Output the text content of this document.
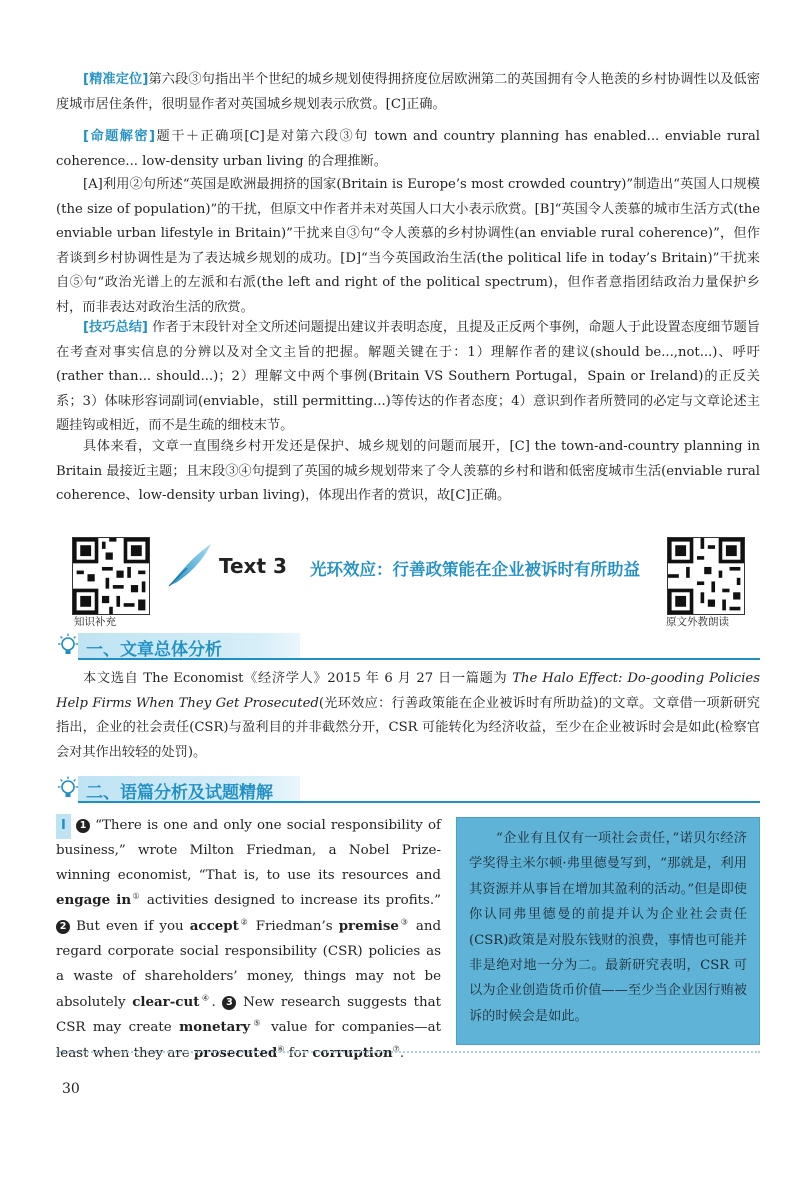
[精准定位]第六段③句指出半个世纪的城乡规划使得拥挤度位居欧洲第二的英国拥有令人艳羡的乡村协调性以及低密度城市居住条件，很明显作者对英国城乡规划表示欣赏。[C]正确。

[命题解密]题干＋正确项[C]是对第六段③句 town and country planning has enabled... enviable rural coherence... low-density urban living 的合理推断。

[A]利用②句所述“英国是欧洲最拥挤的国家(Britain is Europe’s most crowded country)”制造出“英国人口规模(the size of population)”的干扰，但原文中作者并未对英国人口大小表示欣赏。[B]“英国令人羡慕的城市生活方式(the enviable urban lifestyle in Britain)”干扰来自③句“令人羡慕的乡村协调性(an enviable rural coherence)”，但作者谈到乡村协调性是为了表达城乡规划的成功。[D]“当今英国政治生活(the political life in today’s Britain)”干扰来自⑤句“政治光谱上的左派和右派(the left and right of the political spectrum)，但作者意指团结政治力量保护乡村，而非表达对政治生活的欣赏。

[技巧总结] 作者于末段针对全文所述问题提出建议并表明态度，且提及正反两个事例，命题人于此设置态度细节题旨在考查对事实信息的分辨以及对全文主旨的把握。解题关键在于：1）理解作者的建议(should be...,not...)、呼吁(rather than... should...)；2）理解文中两个事例(Britain VS Southern Portugal，Spain or Ireland)的正反关系；3）体味形容词副词(enviable，still permitting...)等传达的作者态度；4）意识到作者所赞同的必定与文章论述主题挂钩或相近，而不是生疏的细枝末节。

具体来看，文章一直围绕乡村开发还是保护、城乡规划的问题而展开，[C] the town-and-country planning in Britain 最接近主题；且末段③④句提到了英国的城乡规划带来了令人羡慕的乡村和谐和低密度城市生活(enviable rural coherence、low-density urban living)，体现出作者的赏识，故[C]正确。

知识补充
Text 3 光环效应：行善政策能在企业被诉时有所助益
原文外教朗读
一、文章总体分析

本文选自 The Economist《经济学人》2015 年 6 月 27 日一篇题为 The Halo Effect: Do-gooding Policies Help Firms When They Get Prosecuted(光环效应：行善政策能在企业被诉时有所助益)的文章。文章借一项新研究指出，企业的社会责任(CSR)与盈利目的并非截然分开，CSR 可能转化为经济收益，至少在企业被诉时会是如此(检察官会对其作出较轻的处罚)。

二、语篇分析及试题精解

I 1 “There is one and only one social responsibility of business,” wrote Milton Friedman, a Nobel Prize-winning economist, “That is, to use its resources and engage in① activities designed to increase its profits.” 2 But even if you accept② Friedman’s premise③ and regard corporate social responsibility (CSR) policies as a waste of shareholders’ money, things may not be absolutely clear-cut④. 3 New research suggests that CSR may create monetary⑤ value for companies—at least when they are prosecuted⑥ for corruption⑦.

“企业有且仅有一项社会责任，”诺贝尔经济学奖得主米尔顿·弗里德曼写到，“那就是，利用其资源并从事旨在增加其盈利的活动。”但是即使你认同弗里德曼的前提并认为企业社会责任(CSR)政策是对股东钱财的浪费，事情也可能并非是绝对地一分为二。最新研究表明，CSR 可以为企业创造货币价值——至少当企业因行贿被诉的时候会是如此。

30
